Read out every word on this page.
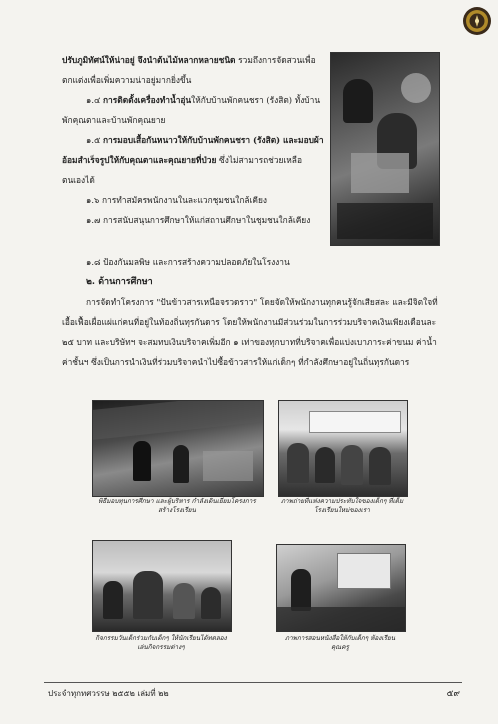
ปรับภูมิทัศน์ให้น่าอยู่ จึงนำต้นไม้หลากหลายชนิด รวมถึงการจัดสวนเพื่อตกแต่งเพื่อเพิ่มความน่าอยู่มากยิ่งขึ้น

๑.๔ การติดตั้งเครื่องทำน้ำอุ่นให้กับบ้านพักคนชรา (รังสิต) ทั้งบ้านพักคุณตาและบ้านพักคุณยาย

๑.๕ การมอบเสื้อกันหนาวให้กับบ้านพักคนชรา (รังสิต) และมอบผ้าอ้อมสำเร็จรูปให้กับคุณตาและคุณยายที่ป่วย ซึ่งไม่สามารถช่วยเหลือตนเองได้

๑.๖ การทำสมัครพนักงานในละแวกชุมชนใกล้เคียง

๑.๗ การสนับสนุนการศึกษาให้แก่สถานศึกษาในชุมชนใกล้เคียง

๑.๘ ป้องกันมลพิษ และการสร้างความปลอดภัยในโรงงาน

๒. ด้านการศึกษา

การจัดทำโครงการ "ปันข้าวสารเหนือจรวดราว" โดยจัดให้พนักงานทุกคนรู้จักเสียสละ และมีจิตใจที่เอื้อเฟื้อเผื่อแผ่แก่คนที่อยู่ในท้องถิ่นทุรกันดาร โดยให้พนักงานมีส่วนร่วมในการร่วมบริจาคเงินเพียงเดือนละ ๒๕ บาท และบริษัทฯ จะสมทบเงินบริจาคเพิ่มอีก ๑ เท่าของทุกบาทที่บริจาคเพื่อแบ่งเบาภาระค่าขนม ค่าน้ำ ค่าชั้นฯ ซึ่งเป็นการนำเงินที่ร่วมบริจาคนำไปซื้อข้าวสารให้แก่เด็กๆ ที่กำลังศึกษาอยู่ในถิ่นทุรกันดาร

พิธีมอบทุนการศึกษา และผู้บริหาร กำลังเดินเยี่ยมโครงการสร้างโรงเรียน
ภาพถ่ายที่แห่งความประทับใจของเด็กๆ ที่เต็มโรงเรียนใหม่ของเรา
กิจกรรมวันเด็กร่วมกับเด็กๆ ให้นักเรียนได้ทดลองเล่นกิจกรรมต่างๆ
ภาพการสอนหนังสือให้กับเด็กๆ ห้องเรียนคุณครู
ประจำทุกทศวรรษ ๒๕๕๒ เล่มที่ ๒๒	๕๙
